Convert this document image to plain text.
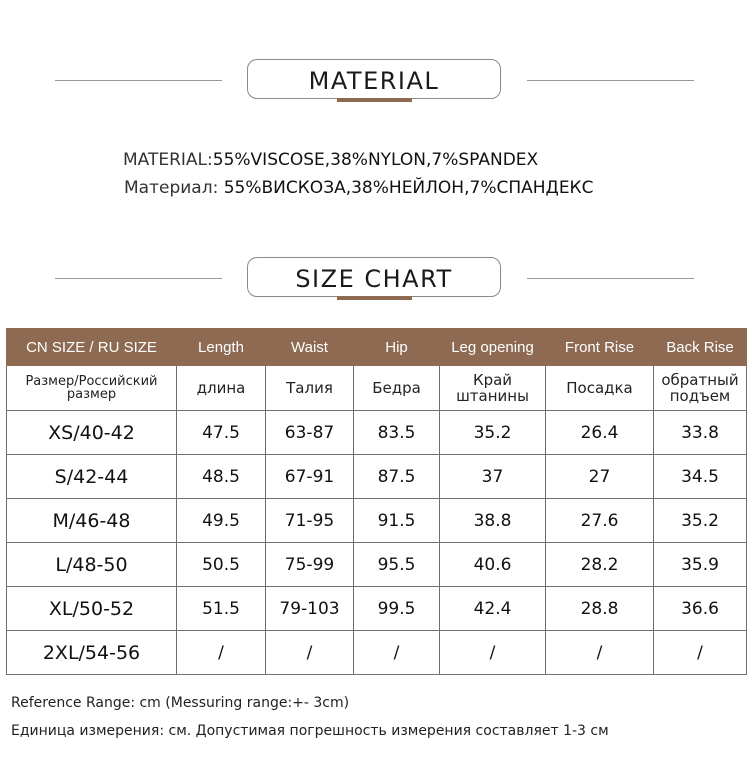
MATERIAL
MATERIAL:55%VISCOSE,38%NYLON,7%SPANDEX
Материал: 55%ВИСКОЗА,38%НЕЙЛОН,7%СПАНДЕКС
SIZE CHART
CN SIZE / RU SIZE	Length	Waist	Hip	Leg opening	Front Rise	Back Rise
Размер/Российский размер	длина	Талия	Бедра	Край штанины	Посадка	обратный подъем
XS/40-42	47.5	63-87	83.5	35.2	26.4	33.8
S/42-44	48.5	67-91	87.5	37	27	34.5
M/46-48	49.5	71-95	91.5	38.8	27.6	35.2
L/48-50	50.5	75-99	95.5	40.6	28.2	35.9
XL/50-52	51.5	79-103	99.5	42.4	28.8	36.6
2XL/54-56	/	/	/	/	/	/
Reference Range: cm (Messuring range:+- 3cm)
Единица измерения: см. Допустимая погрешность измерения составляет 1-3 см
